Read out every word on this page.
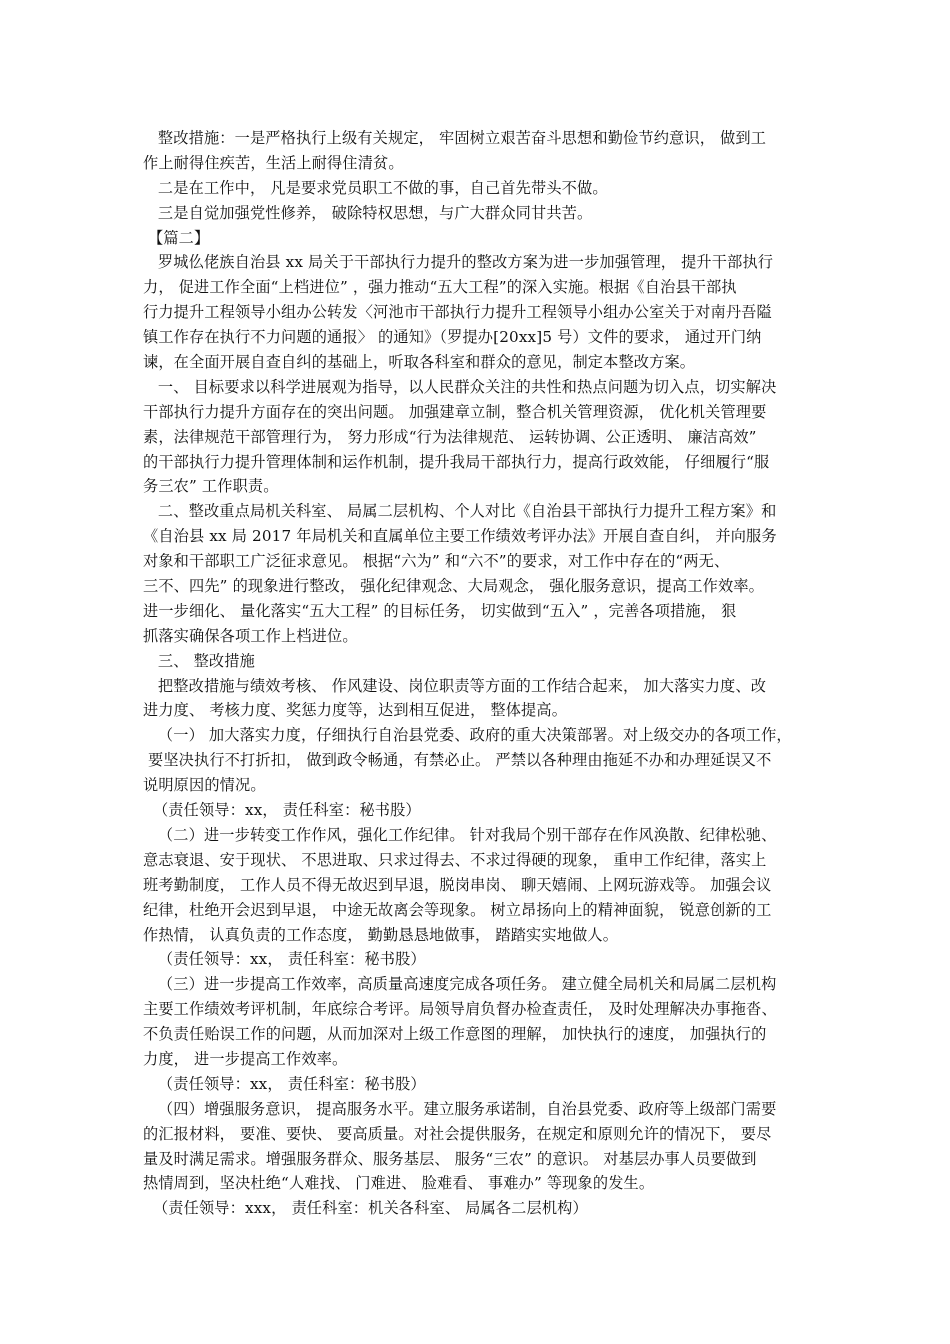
整改措施：一是严格执行上级有关规定， 牢固树立艰苦奋斗思想和勤俭节约意识， 做到工
作上耐得住疾苦，生活上耐得住清贫。
二是在工作中， 凡是要求党员职工不做的事，自己首先带头不做。
三是自觉加强党性修养， 破除特权思想，与广大群众同甘共苦。
【篇二】
罗城仫佬族自治县 xx 局关于干部执行力提升的整改方案为进一步加强管理， 提升干部执行
力， 促进工作全面“上档进位” ，强力推动“五大工程”的深入实施。根据《自治县干部执
行力提升工程领导小组办公转发〈河池市干部执行力提升工程领导小组办公室关于对南丹吾隘
镇工作存在执行不力问题的通报〉 的通知》（罗提办[20xx]5 号）文件的要求， 通过开门纳
谏，在全面开展自查自纠的基础上，听取各科室和群众的意见，制定本整改方案。
一、 目标要求以科学进展观为指导，以人民群众关注的共性和热点问题为切入点，切实解决
干部执行力提升方面存在的突出问题。 加强建章立制，整合机关管理资源， 优化机关管理要
素，法律规范干部管理行为， 努力形成“行为法律规范、 运转协调、公正透明、 廉洁高效”
的干部执行力提升管理体制和运作机制，提升我局干部执行力，提高行政效能， 仔细履行“服
务三农” 工作职责。
二、整改重点局机关科室、 局属二层机构、个人对比《自治县干部执行力提升工程方案》和
《自治县 xx 局 2017 年局机关和直属单位主要工作绩效考评办法》开展自查自纠， 并向服务
对象和干部职工广泛征求意见。 根据“六为” 和“六不”的要求，对工作中存在的“两无、
三不、四先” 的现象进行整改， 强化纪律观念、大局观念， 强化服务意识，提高工作效率。
进一步细化、 量化落实“五大工程” 的目标任务， 切实做到“五入” ，完善各项措施， 狠
抓落实确保各项工作上档进位。
三、 整改措施
把整改措施与绩效考核、 作风建设、岗位职责等方面的工作结合起来， 加大落实力度、改
进力度、 考核力度、奖惩力度等，达到相互促进， 整体提高。
（一） 加大落实力度，仔细执行自治县党委、政府的重大决策部署。对上级交办的各项工作，
要坚决执行不打折扣， 做到政令畅通，有禁必止。 严禁以各种理由拖延不办和办理延误又不
说明原因的情况。
（责任领导：xx， 责任科室：秘书股）
（二）进一步转变工作作风，强化工作纪律。 针对我局个别干部存在作风涣散、纪律松驰、
意志衰退、安于现状、 不思进取、只求过得去、不求过得硬的现象， 重申工作纪律，落实上
班考勤制度， 工作人员不得无故迟到早退，脱岗串岗、 聊天嬉闹、上网玩游戏等。 加强会议
纪律，杜绝开会迟到早退， 中途无故离会等现象。 树立昂扬向上的精神面貌， 锐意创新的工
作热情， 认真负责的工作态度， 勤勤恳恳地做事， 踏踏实实地做人。
（责任领导：xx， 责任科室：秘书股）
（三）进一步提高工作效率，高质量高速度完成各项任务。 建立健全局机关和局属二层机构
主要工作绩效考评机制，年底综合考评。局领导肩负督办检查责任， 及时处理解决办事拖沓、
不负责任贻误工作的问题，从而加深对上级工作意图的理解， 加快执行的速度， 加强执行的
力度， 进一步提高工作效率。
（责任领导：xx， 责任科室：秘书股）
（四）增强服务意识， 提高服务水平。建立服务承诺制，自治县党委、政府等上级部门需要
的汇报材料， 要准、要快、 要高质量。对社会提供服务，在规定和原则允许的情况下， 要尽
量及时满足需求。增强服务群众、服务基层、 服务“三农” 的意识。 对基层办事人员要做到
热情周到，坚决杜绝“人难找、 门难进、 脸难看、 事难办” 等现象的发生。
（责任领导：xxx， 责任科室：机关各科室、 局属各二层机构）
